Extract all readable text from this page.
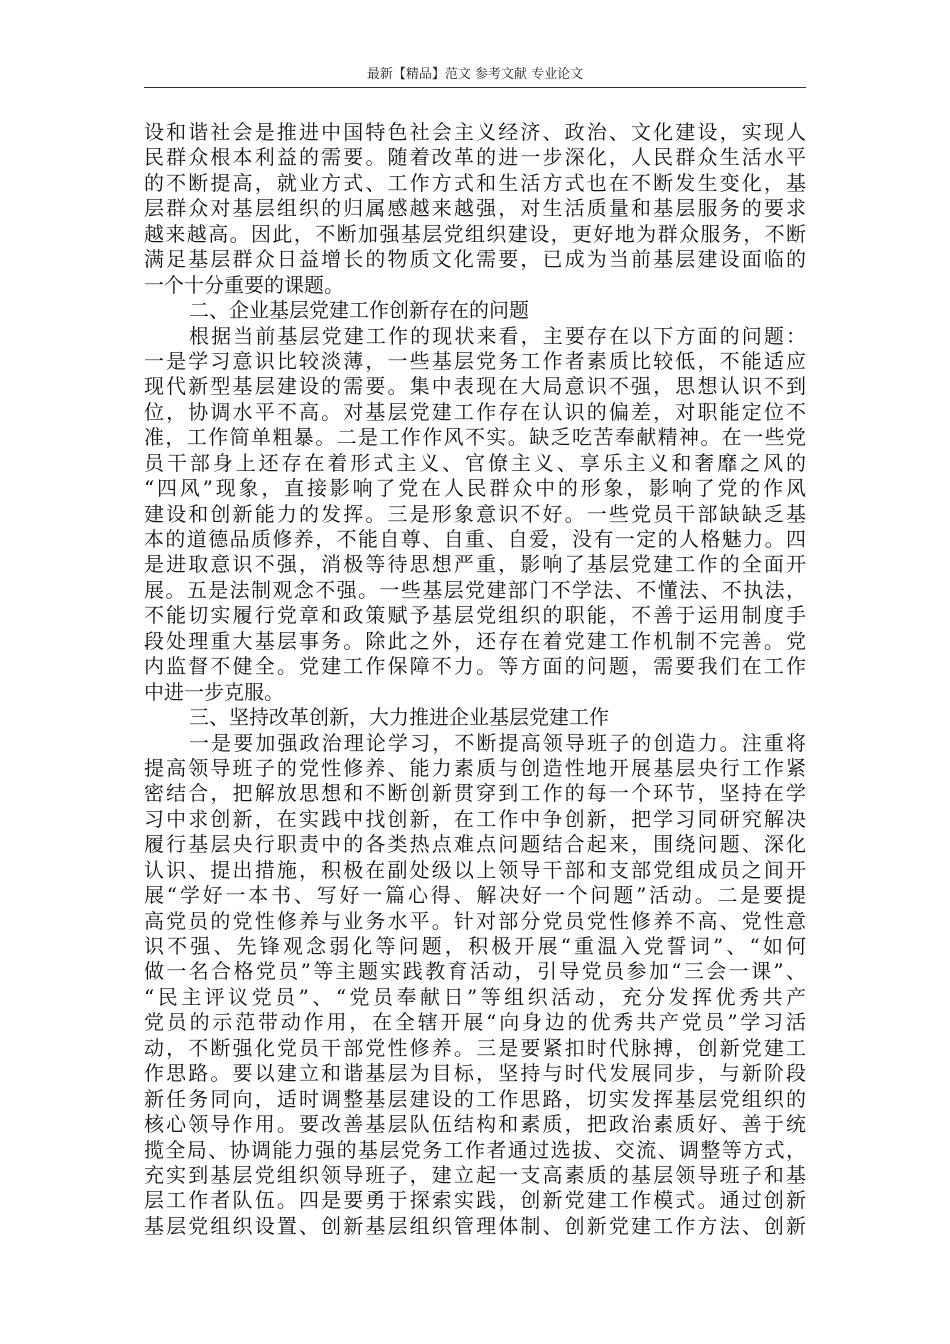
最新【精品】范文 参考文献 专业论文
设和谐社会是推进中国特色社会主义经济、政治、文化建设，实现人
民群众根本利益的需要。随着改革的进一步深化，人民群众生活水平
的不断提高，就业方式、工作方式和生活方式也在不断发生变化，基
层群众对基层组织的归属感越来越强，对生活质量和基层服务的要求
越来越高。因此，不断加强基层党组织建设，更好地为群众服务，不断
满足基层群众日益增长的物质文化需要，已成为当前基层建设面临的
一个十分重要的课题。
二、企业基层党建工作创新存在的问题
根据当前基层党建工作的现状来看，主要存在以下方面的问题：
一是学习意识比较淡薄，一些基层党务工作者素质比较低，不能适应
现代新型基层建设的需要。集中表现在大局意识不强，思想认识不到
位，协调水平不高。对基层党建工作存在认识的偏差，对职能定位不
准，工作简单粗暴。二是工作作风不实。缺乏吃苦奉献精神。在一些党
员干部身上还存在着形式主义、官僚主义、享乐主义和奢靡之风的
“四风”现象，直接影响了党在人民群众中的形象，影响了党的作风
建设和创新能力的发挥。三是形象意识不好。一些党员干部缺缺乏基
本的道德品质修养，不能自尊、自重、自爱，没有一定的人格魅力。四
是进取意识不强，消极等待思想严重，影响了基层党建工作的全面开
展。五是法制观念不强。一些基层党建部门不学法、不懂法、不执法，
不能切实履行党章和政策赋予基层党组织的职能，不善于运用制度手
段处理重大基层事务。除此之外，还存在着党建工作机制不完善。党
内监督不健全。党建工作保障不力。等方面的问题，需要我们在工作
中进一步克服。
三、坚持改革创新，大力推进企业基层党建工作
一是要加强政治理论学习，不断提高领导班子的创造力。注重将
提高领导班子的党性修养、能力素质与创造性地开展基层央行工作紧
密结合，把解放思想和不断创新贯穿到工作的每一个环节，坚持在学
习中求创新，在实践中找创新，在工作中争创新，把学习同研究解决
履行基层央行职责中的各类热点难点问题结合起来，围绕问题、深化
认识、提出措施，积极在副处级以上领导干部和支部党组成员之间开
展“学好一本书、写好一篇心得、解决好一个问题”活动。二是要提
高党员的党性修养与业务水平。针对部分党员党性修养不高、党性意
识不强、先锋观念弱化等问题，积极开展“重温入党誓词”、“如何
做一名合格党员”等主题实践教育活动，引导党员参加“三会一课”、
“民主评议党员”、“党员奉献日”等组织活动，充分发挥优秀共产
党员的示范带动作用，在全辖开展“向身边的优秀共产党员”学习活
动，不断强化党员干部党性修养。三是要紧扣时代脉搏，创新党建工
作思路。要以建立和谐基层为目标，坚持与时代发展同步，与新阶段
新任务同向，适时调整基层建设的工作思路，切实发挥基层党组织的
核心领导作用。要改善基层队伍结构和素质，把政治素质好、善于统
揽全局、协调能力强的基层党务工作者通过选拔、交流、调整等方式，
充实到基层党组织领导班子，建立起一支高素质的基层领导班子和基
层工作者队伍。四是要勇于探索实践，创新党建工作模式。通过创新
基层党组织设置、创新基层组织管理体制、创新党建工作方法、创新
